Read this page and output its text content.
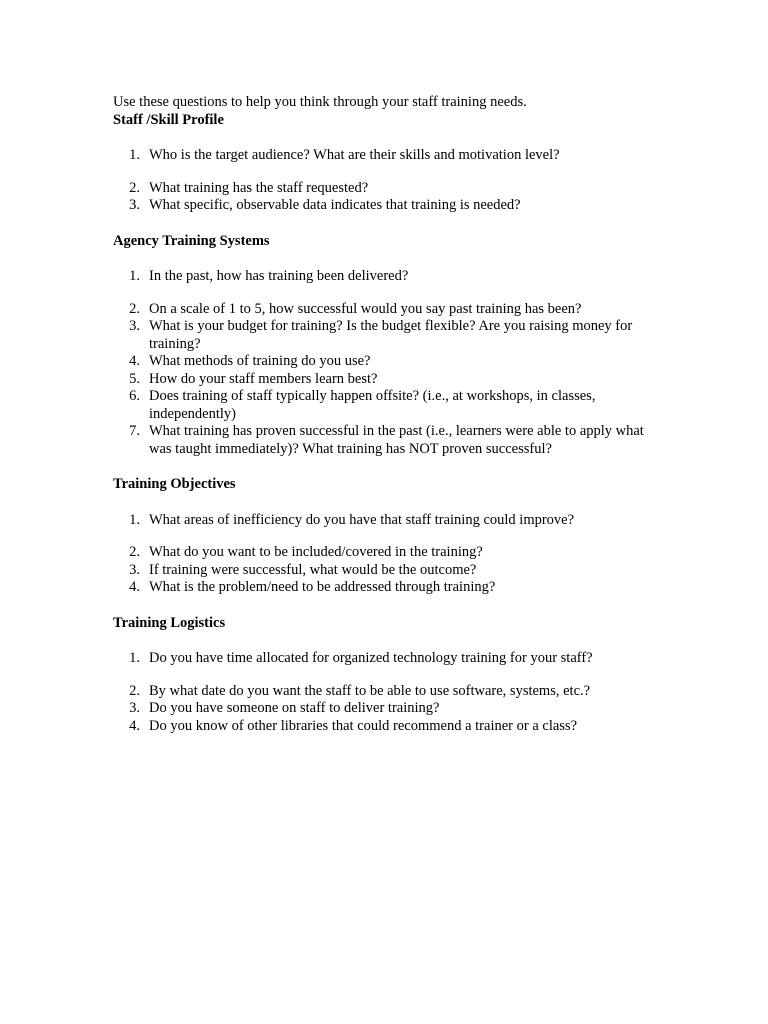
Use these questions to help you think through your staff training needs.

Staff /Skill Profile

1. Who is the target audience? What are their skills and motivation level?
2. What training has the staff requested?
3. What specific, observable data indicates that training is needed?

Agency Training Systems

1. In the past, how has training been delivered?
2. On a scale of 1 to 5, how successful would you say past training has been?
3. What is your budget for training? Is the budget flexible? Are you raising money for training?
4. What methods of training do you use?
5. How do your staff members learn best?
6. Does training of staff typically happen offsite? (i.e., at workshops, in classes, independently)
7. What training has proven successful in the past (i.e., learners were able to apply what was taught immediately)? What training has NOT proven successful?

Training Objectives

1. What areas of inefficiency do you have that staff training could improve?
2. What do you want to be included/covered in the training?
3. If training were successful, what would be the outcome?
4. What is the problem/need to be addressed through training?

Training Logistics

1. Do you have time allocated for organized technology training for your staff?
2. By what date do you want the staff to be able to use software, systems, etc.?
3. Do you have someone on staff to deliver training?
4. Do you know of other libraries that could recommend a trainer or a class?
